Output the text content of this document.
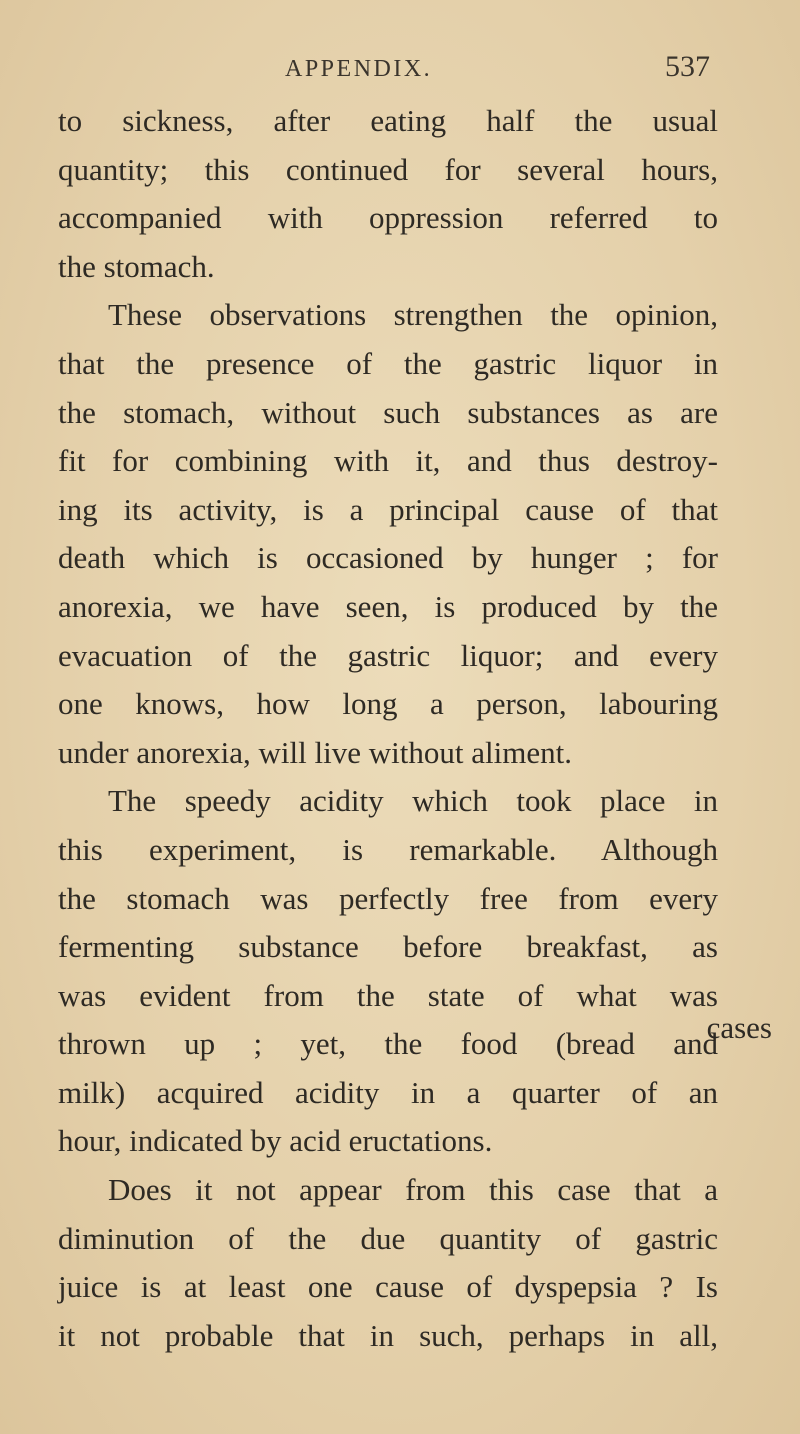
APPENDIX.	537
to sickness, after eating half the usual
quantity; this continued for several hours,
accompanied with oppression referred to
the stomach.
These observations strengthen the opinion,
that the presence of the gastric liquor in
the stomach, without such substances as are
fit for combining with it, and thus destroy-
ing its activity, is a principal cause of that
death which is occasioned by hunger ; for
anorexia, we have seen, is produced by the
evacuation of the gastric liquor; and every
one knows, how long a person, labouring
under anorexia, will live without aliment.
The speedy acidity which took place in
this experiment, is remarkable. Although
the stomach was perfectly free from every
fermenting substance before breakfast, as
was evident from the state of what was
thrown up ; yet, the food (bread and
milk) acquired acidity in a quarter of an
hour, indicated by acid eructations.
Does it not appear from this case that a
diminution of the due quantity of gastric
juice is at least one cause of dyspepsia ? Is
it not probable that in such, perhaps in all,
cases
